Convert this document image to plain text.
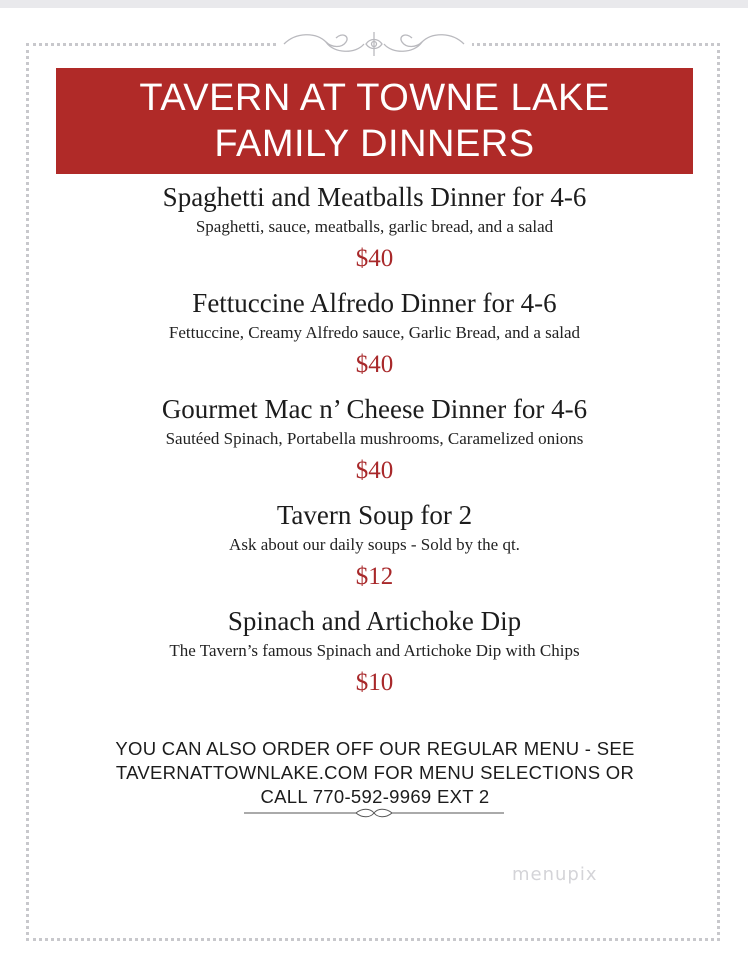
TAVERN AT TOWNE LAKE
FAMILY DINNERS
Spaghetti and Meatballs Dinner for 4-6
Spaghetti, sauce, meatballs, garlic bread, and a salad
$40
Fettuccine Alfredo Dinner for 4-6
Fettuccine, Creamy Alfredo sauce, Garlic Bread, and a salad
$40
Gourmet Mac n’ Cheese Dinner for 4-6
Sautéed Spinach, Portabella mushrooms, Caramelized onions
$40
Tavern Soup for 2
Ask about our daily soups - Sold by the qt.
$12
Spinach and Artichoke Dip
The Tavern’s famous Spinach and Artichoke Dip with Chips
$10
YOU CAN ALSO ORDER OFF OUR REGULAR MENU - SEE
TAVERNATTOWNLAKE.COM FOR MENU SELECTIONS OR
CALL 770-592-9969 EXT 2
menupix
